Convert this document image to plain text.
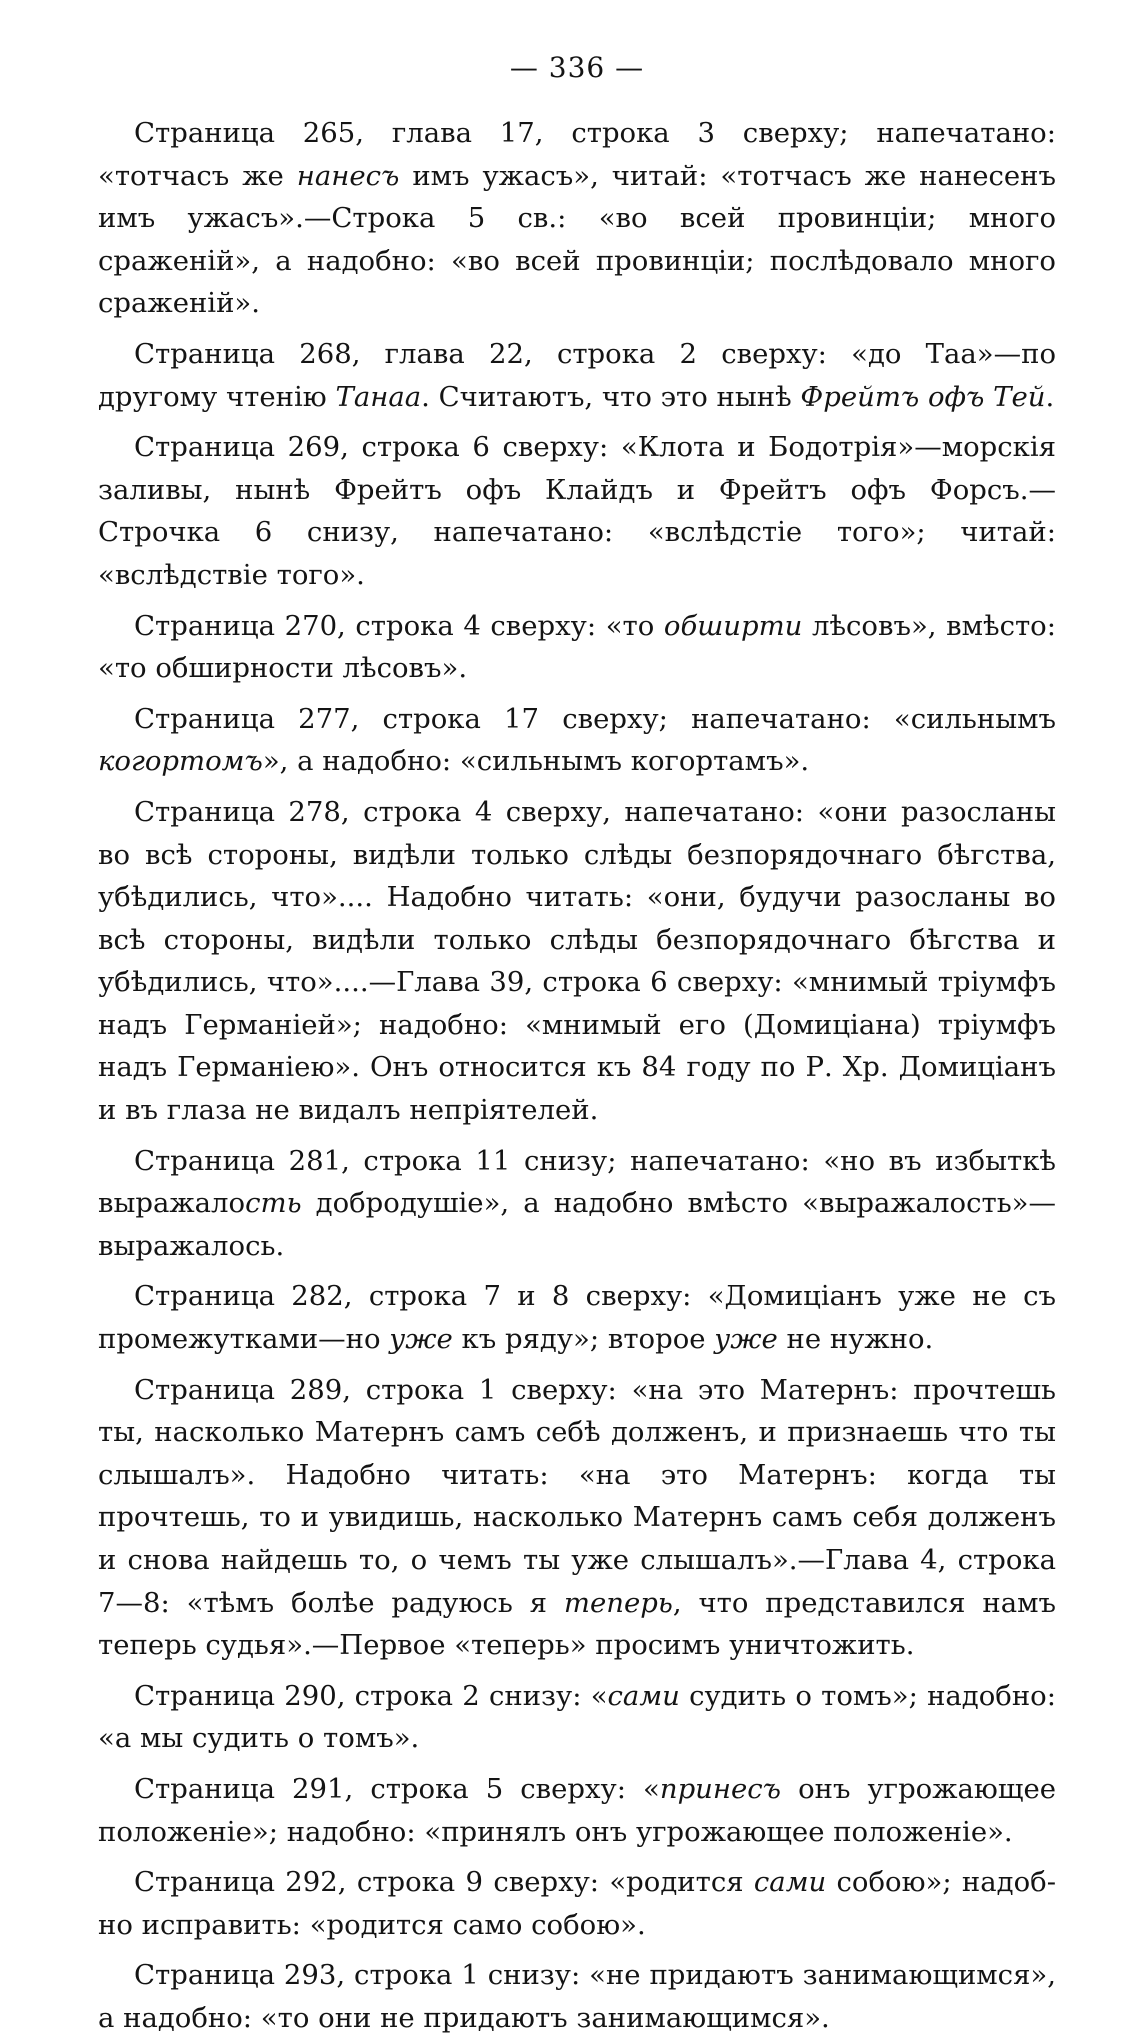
— 336 —

Страница 265, глава 17, строка 3 сверху; напечатано: «тотчасъ же нанесъ имъ ужасъ», читай: «тотчасъ же нанесенъ имъ ужасъ».—Строка 5 св.: «во всей провинціи; много сраженій», а надобно: «во всей провинціи; послѣдовало много сраженій».

Страница 268, глава 22, строка 2 сверху: «до Таа»—по другому чтенію Танаа. Считаютъ, что это нынѣ Фрейтъ офъ Тей.

Страница 269, строка 6 сверху: «Клота и Бодотрія»—морскія заливы, нынѣ Фрейтъ офъ Клайдъ и Фрейтъ офъ Форсъ.—Строчка 6 снизу, напечатано: «вслѣдстіе того»; читай: «вслѣдствіе того».

Страница 270, строка 4 сверху: «то обширти лѣсовъ», вмѣсто: «то обширности лѣсовъ».

Страница 277, строка 17 сверху; напечатано: «сильнымъ когортомъ», а надобно: «сильнымъ когортамъ».

Страница 278, строка 4 сверху, напечатано: «они разосланы во всѣ стороны, видѣли только слѣды безпорядочнаго бѣгства, убѣдились, что».... Надобно читать: «они, будучи разосланы во всѣ стороны, видѣли только слѣды безпорядочнаго бѣгства и убѣдились, что»....—Глава 39, строка 6 сверху: «мнимый тріумфъ надъ Германіей»; надобно: «мнимый его (Домиціана) тріумфъ надъ Германіею». Онъ относится къ 84 году по Р. Хр. Домиціанъ и въ глаза не видалъ непріятелей.

Страница 281, строка 11 снизу; напечатано: «но въ избыткѣ выражалость добродушіе», а надобно вмѣсто «выражалость»—выражалось.

Страница 282, строка 7 и 8 сверху: «Домиціанъ уже не съ промежутками—но уже къ ряду»; второе уже не нужно.

Страница 289, строка 1 сверху: «на это Матернъ: прочтешь ты, насколько Матернъ самъ себѣ долженъ, и признаешь что ты слышалъ». Надобно читать: «на это Матернъ: когда ты прочтешь, то и увидишь, насколько Матернъ самъ себя долженъ и снова найдешь то, о чемъ ты уже слышалъ».—Глава 4, строка 7—8: «тѣмъ болѣе радуюсь я теперь, что представился намъ теперь судья».—Первое «теперь» просимъ уничтожить.

Страница 290, строка 2 снизу: «сами судить о томъ»; надобно: «а мы судить о томъ».

Страница 291, строка 5 сверху: «принесъ онъ угрожающее положеніе»; надобно: «принялъ онъ угрожающее положеніе».

Страница 292, строка 9 сверху: «родится сами собою»; надобно исправить: «родится само собою».

Страница 293, строка 1 снизу: «не придаютъ занимающимся», а надобно: «то они не придаютъ занимающимся».
